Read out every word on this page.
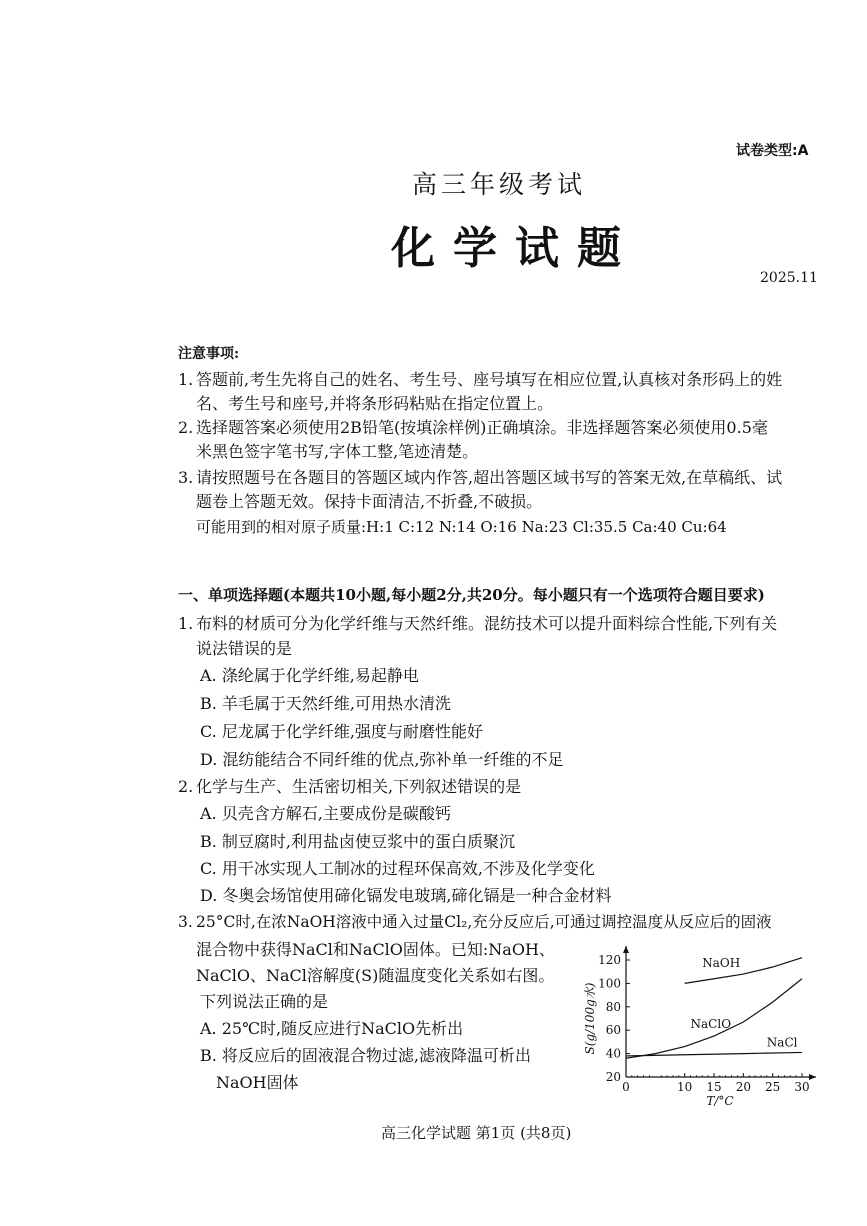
试卷类型:A
高三年级考试
化学试题
2025.11
注意事项:
1. 答题前,考生先将自己的姓名、考生号、座号填写在相应位置,认真核对条形码上的姓
名、考生号和座号,并将条形码粘贴在指定位置上。
2. 选择题答案必须使用2B铅笔(按填涂样例)正确填涂。非选择题答案必须使用0.5毫
米黑色签字笔书写,字体工整,笔迹清楚。
3. 请按照题号在各题目的答题区域内作答,超出答题区域书写的答案无效,在草稿纸、试
题卷上答题无效。保持卡面清洁,不折叠,不破损。
可能用到的相对原子质量:H:1 C:12 N:14 O:16 Na:23 Cl:35.5 Ca:40 Cu:64
一、单项选择题(本题共10小题,每小题2分,共20分。每小题只有一个选项符合题目要求)
1. 布料的材质可分为化学纤维与天然纤维。混纺技术可以提升面料综合性能,下列有关
说法错误的是
A. 涤纶属于化学纤维,易起静电
B. 羊毛属于天然纤维,可用热水清洗
C. 尼龙属于化学纤维,强度与耐磨性能好
D. 混纺能结合不同纤维的优点,弥补单一纤维的不足
2. 化学与生产、生活密切相关,下列叙述错误的是
A. 贝壳含方解石,主要成份是碳酸钙
B. 制豆腐时,利用盐卤使豆浆中的蛋白质聚沉
C. 用干冰实现人工制冰的过程环保高效,不涉及化学变化
D. 冬奥会场馆使用碲化镉发电玻璃,碲化镉是一种合金材料
3. 25°C时,在浓NaOH溶液中通入过量Cl₂,充分反应后,可通过调控温度从反应后的固液
混合物中获得NaCl和NaClO固体。已知:NaOH、
NaClO、NaCl溶解度(S)随温度变化关系如右图。
下列说法正确的是
A. 25℃时,随反应进行NaClO先析出
B. 将反应后的固液混合物过滤,滤液降温可析出
NaOH固体	0	10 15 20 25 30
20
40
60
80
100
120
T/°C
S(g/100g水)
NaOH
NaClO
NaCl
高三化学试题 第1页 (共8页)
